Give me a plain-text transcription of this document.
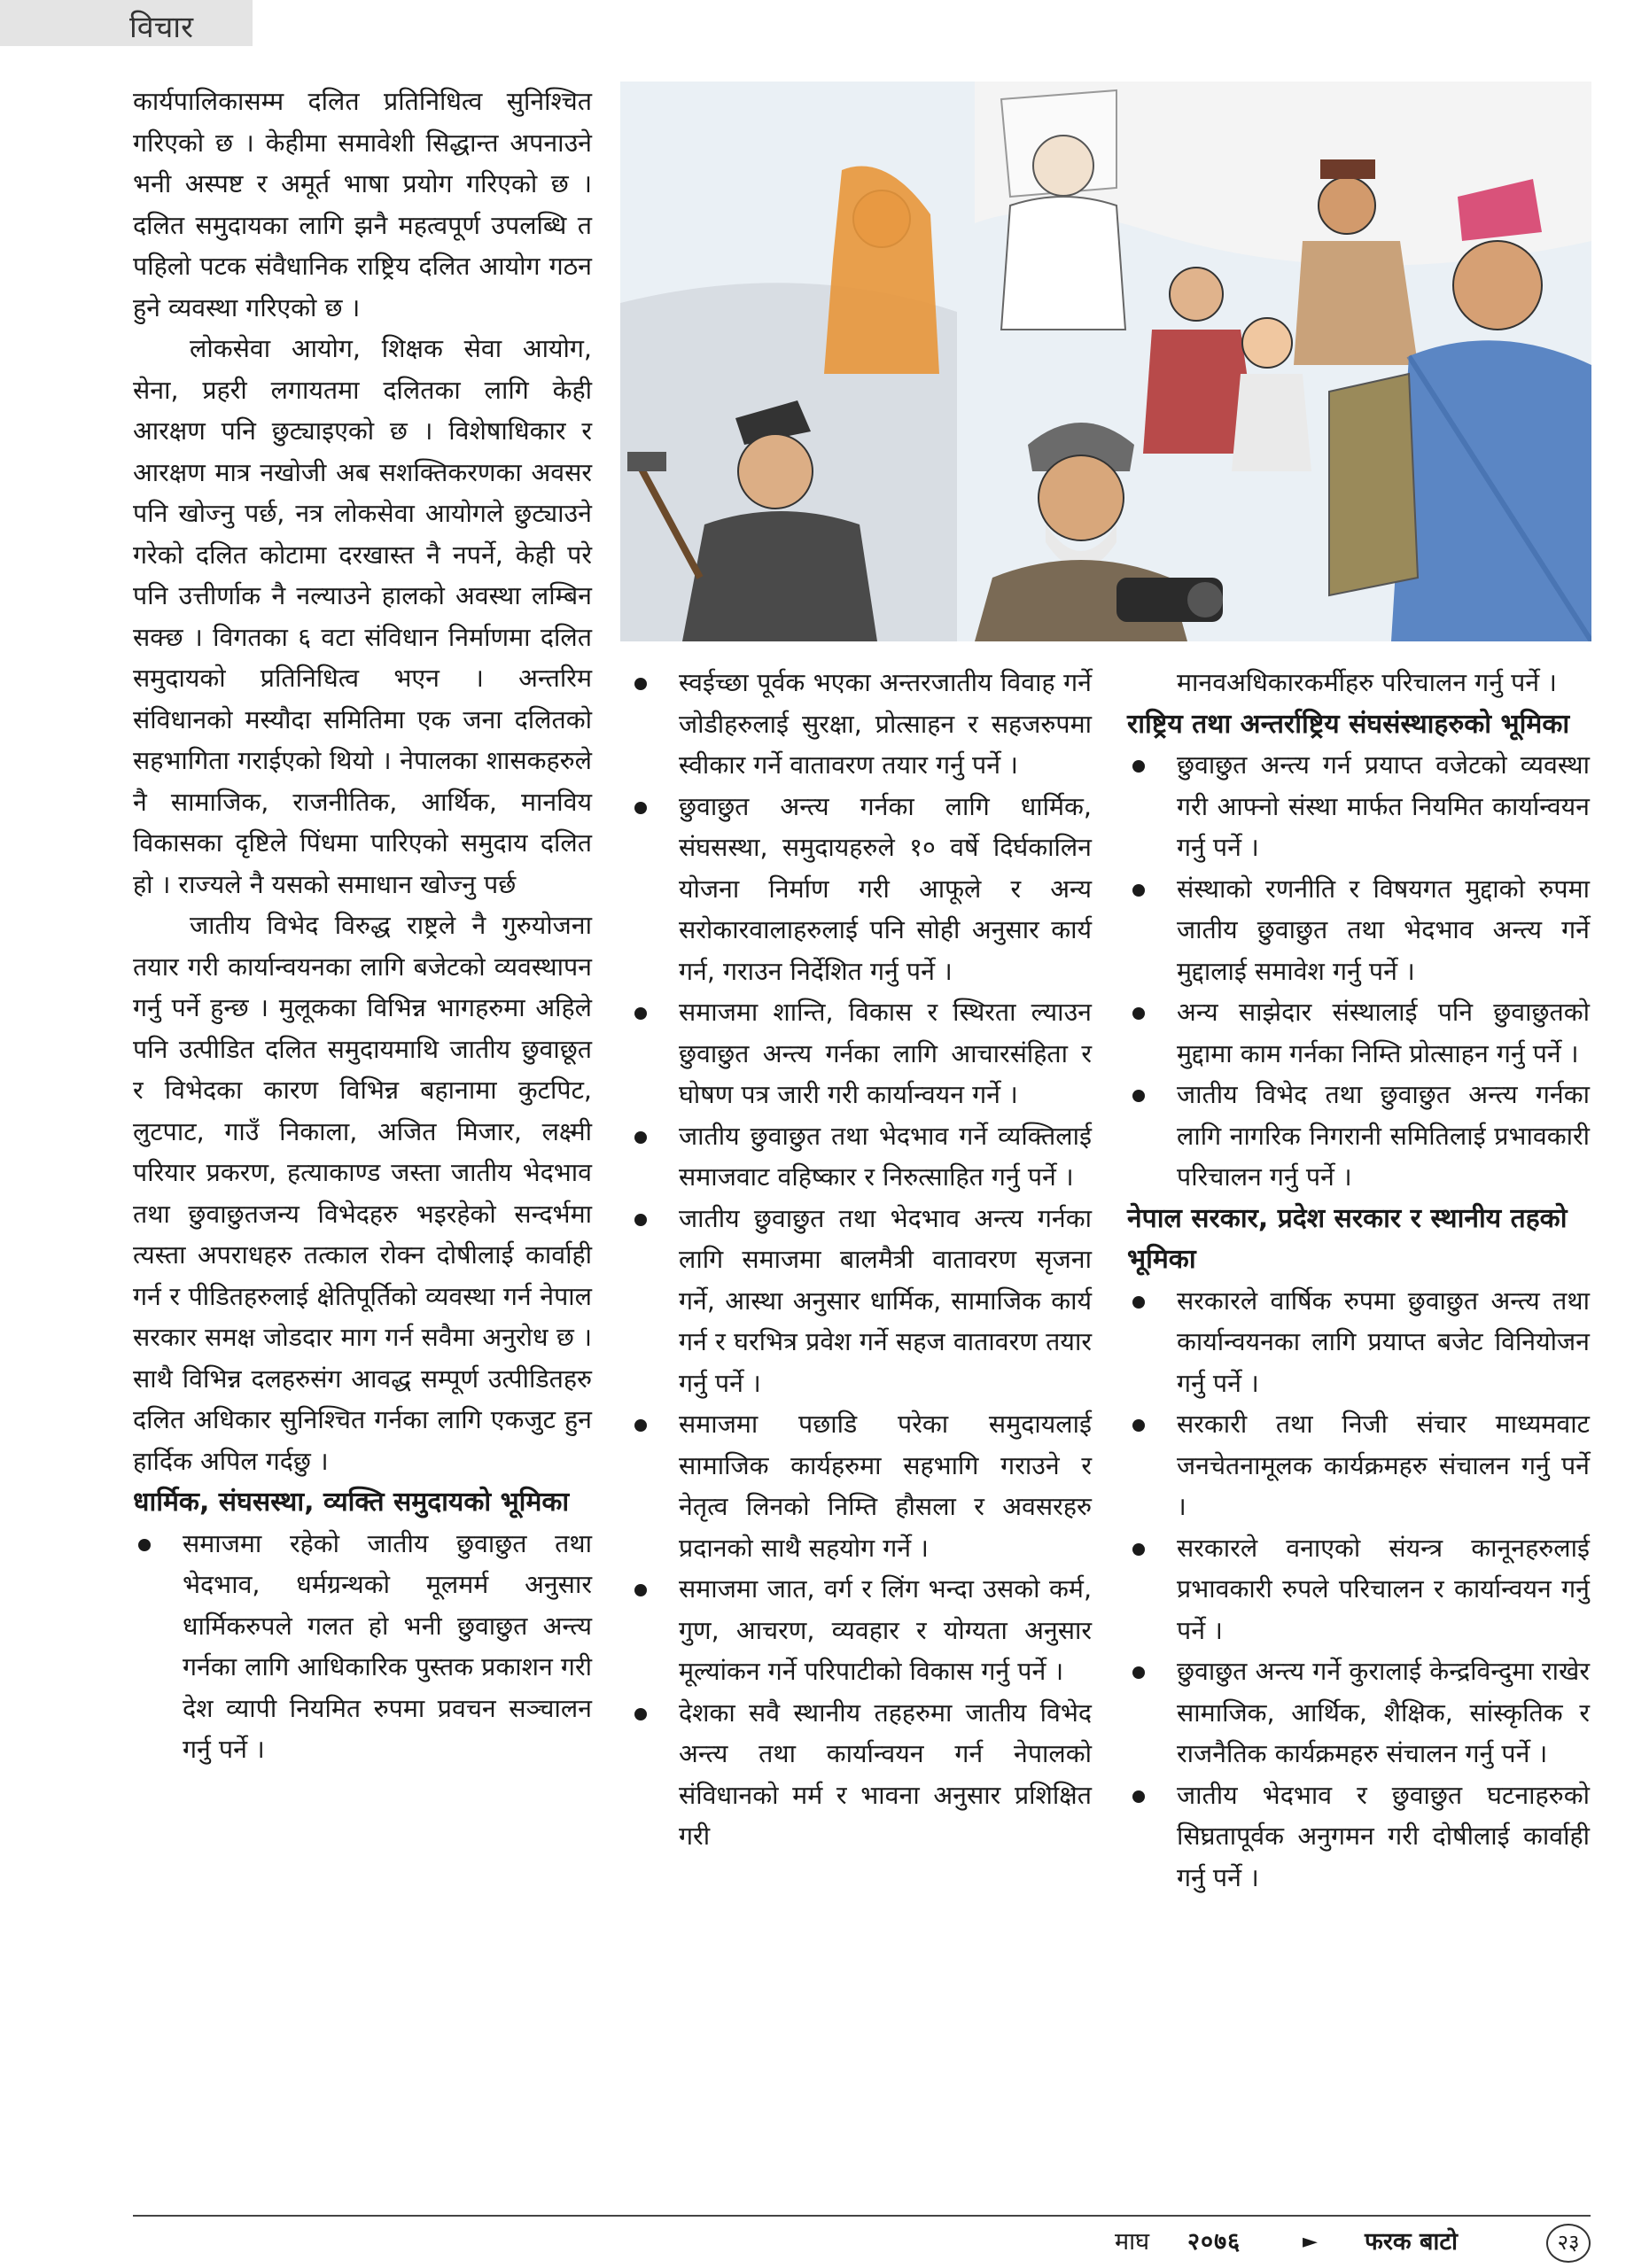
विचार

कार्यपालिकासम्म दलित प्रतिनिधित्व सुनिश्चित गरिएको छ । केहीमा समावेशी सिद्धान्त अपनाउने भनी अस्पष्ट र अमूर्त भाषा प्रयोग गरिएको छ । दलित समुदायका लागि झनै महत्वपूर्ण उपलब्धि त पहिलो पटक संवैधानिक राष्ट्रिय दलित आयोग गठन हुने व्यवस्था गरिएको छ ।

लोकसेवा आयोग, शिक्षक सेवा आयोग, सेना, प्रहरी लगायतमा दलितका लागि केही आरक्षण पनि छुट्याइएको छ । विशेषाधिकार र आरक्षण मात्र नखोजी अब सशक्तिकरणका अवसर पनि खोज्नु पर्छ, नत्र लोकसेवा आयोगले छुट्याउने गरेको दलित कोटामा दरखास्त नै नपर्ने, केही परे पनि उत्तीर्णाक नै नल्याउने हालको अवस्था लम्बिन सक्छ । विगतका ६ वटा संविधान निर्माणमा दलित समुदायको प्रतिनिधित्व भएन । अन्तरिम संविधानको मस्यौदा समितिमा एक जना दलितको सहभागिता गराईएको थियो । नेपालका शासकहरुले नै सामाजिक, राजनीतिक, आर्थिक, मानविय विकासका दृष्टिले पिंधमा पारिएको समुदाय दलित हो । राज्यले नै यसको समाधान खोज्नु पर्छ

जातीय विभेद विरुद्ध राष्ट्रले नै गुरुयोजना तयार गरी कार्यान्वयनका लागि बजेटको व्यवस्थापन गर्नु पर्ने हुन्छ । मुलूकका विभिन्न भागहरुमा अहिले पनि उत्पीडित दलित समुदायमाथि जातीय छुवाछूत र विभेदका कारण विभिन्न बहानामा कुटपिट, लुटपाट, गाउँ निकाला, अजित मिजार, लक्ष्मी परियार प्रकरण, हत्याकाण्ड जस्ता जातीय भेदभाव तथा छुवाछुतजन्य विभेदहरु भइरहेको सन्दर्भमा त्यस्ता अपराधहरु तत्काल रोक्न दोषीलाई कार्वाही गर्न र पीडितहरुलाई क्षेतिपूर्तिको व्यवस्था गर्न नेपाल सरकार समक्ष जोडदार माग गर्न सवैमा अनुरोध छ । साथै विभिन्न दलहरुसंग आवद्ध सम्पूर्ण उत्पीडितहरु दलित अधिकार सुनिश्चित गर्नका लागि एकजुट हुन हार्दिक अपिल गर्दछु ।

धार्मिक, संघसस्था, व्यक्ति समुदायको भूमिका
समाजमा रहेको जातीय छुवाछुत तथा भेदभाव, धर्मग्रन्थको मूलमर्म अनुसार धार्मिकरुपले गलत हो भनी छुवाछुत अन्त्य गर्नका लागि आधिकारिक पुस्तक प्रकाशन गरी देश व्यापी नियमित रुपमा प्रवचन सञ्चालन गर्नु पर्ने ।
स्वईच्छा पूर्वक भएका अन्तरजातीय विवाह गर्ने जोडीहरुलाई सुरक्षा, प्रोत्साहन र सहजरुपमा स्वीकार गर्ने वातावरण तयार गर्नु पर्ने ।
छुवाछुत अन्त्य गर्नका लागि धार्मिक, संघसस्था, समुदायहरुले १० वर्षे दिर्घकालिन योजना निर्माण गरी आफूले र अन्य सरोकारवालाहरुलाई पनि सोही अनुसार कार्य गर्न, गराउन निर्देशित गर्नु पर्ने ।
समाजमा शान्ति, विकास र स्थिरता ल्याउन छुवाछुत अन्त्य गर्नका लागि आचारसंहिता र घोषण पत्र जारी गरी कार्यान्वयन गर्ने ।
जातीय छुवाछुत तथा भेदभाव गर्ने व्यक्तिलाई समाजवाट वहिष्कार र निरुत्साहित गर्नु पर्ने ।
जातीय छुवाछुत तथा भेदभाव अन्त्य गर्नका लागि समाजमा बालमैत्री वातावरण सृजना गर्ने, आस्था अनुसार धार्मिक, सामाजिक कार्य गर्न र घरभित्र प्रवेश गर्ने सहज वातावरण तयार गर्नु पर्ने ।
समाजमा पछाडि परेका समुदायलाई सामाजिक कार्यहरुमा सहभागि गराउने र नेतृत्व लिनको निम्ति हौसला र अवसरहरु प्रदानको साथै सहयोग गर्ने ।
समाजमा जात, वर्ग र लिंग भन्दा उसको कर्म, गुण, आचरण, व्यवहार र योग्यता अनुसार मूल्यांकन गर्ने परिपाटीको विकास गर्नु पर्ने ।
देशका सवै स्थानीय तहहरुमा जातीय विभेद अन्त्य तथा कार्यान्वयन गर्न नेपालको संविधानको मर्म र भावना अनुसार प्रशिक्षित गरी

मानवअधिकारकर्मीहरु परिचालन गर्नु पर्ने ।

राष्ट्रिय तथा अन्तर्राष्ट्रिय संघसंस्थाहरुको भूमिका
छुवाछुत अन्त्य गर्न प्रयाप्त वजेटको व्यवस्था गरी आफ्नो संस्था मार्फत नियमित कार्यान्वयन गर्नु पर्ने ।
संस्थाको रणनीति र विषयगत मुद्दाको रुपमा जातीय छुवाछुत तथा भेदभाव अन्त्य गर्ने मुद्दालाई समावेश गर्नु पर्ने ।
अन्य साझेदार संस्थालाई पनि छुवाछुतको मुद्दामा काम गर्नका निम्ति प्रोत्साहन गर्नु पर्ने ।
जातीय विभेद तथा छुवाछुत अन्त्य गर्नका लागि नागरिक निगरानी समितिलाई प्रभावकारी परिचालन गर्नु पर्ने ।
नेपाल सरकार, प्रदेश सरकार र स्थानीय तहको भूमिका
सरकारले वार्षिक रुपमा छुवाछुत अन्त्य तथा कार्यान्वयनका लागि प्रयाप्त बजेट विनियोजन गर्नु पर्ने ।
सरकारी तथा निजी संचार माध्यमवाट जनचेतनामूलक कार्यक्रमहरु संचालन गर्नु पर्ने ।
सरकारले वनाएको संयन्त्र कानूनहरुलाई प्रभावकारी रुपले परिचालन र कार्यान्वयन गर्नु पर्ने ।
छुवाछुत अन्त्य गर्ने कुरालाई केन्द्रविन्दुमा राखेर सामाजिक, आर्थिक, शैक्षिक, सांस्कृतिक र राजनैतिक कार्यक्रमहरु संचालन गर्नु पर्ने ।
जातीय भेदभाव र छुवाछुत घटनाहरुको सिघ्रतापूर्वक अनुगमन गरी दोषीलाई कार्वाही गर्नु पर्ने ।
माघ २०७६	► फरक बाटो	२३
